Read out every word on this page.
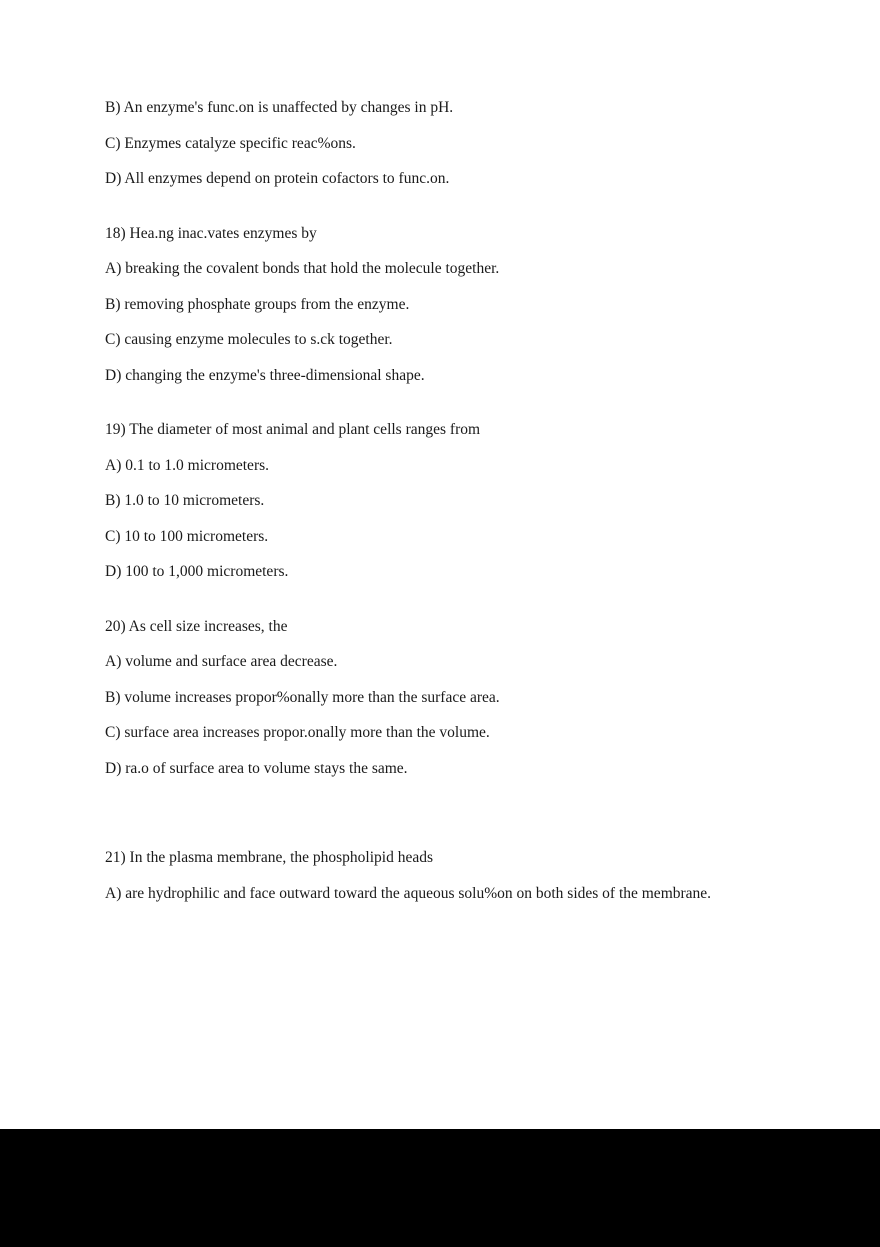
B) An enzyme's func.on is unaffected by changes in pH.

C) Enzymes catalyze specific reac%ons.

D) All enzymes depend on protein cofactors to func.on.

18) Hea.ng inac.vates enzymes by

A) breaking the covalent bonds that hold the molecule together.

B) removing phosphate groups from the enzyme.

C) causing enzyme molecules to s.ck together.

D) changing the enzyme's three-dimensional shape.

19) The diameter of most animal and plant cells ranges from

A) 0.1 to 1.0 micrometers.

B) 1.0 to 10 micrometers.

C) 10 to 100 micrometers.

D) 100 to 1,000 micrometers.

20) As cell size increases, the

A) volume and surface area decrease.

B) volume increases propor%onally more than the surface area.

C) surface area increases propor.onally more than the volume.

D) ra.o of surface area to volume stays the same.

21) In the plasma membrane, the phospholipid heads

A) are hydrophilic and face outward toward the aqueous solu%on on both sides of the membrane.
